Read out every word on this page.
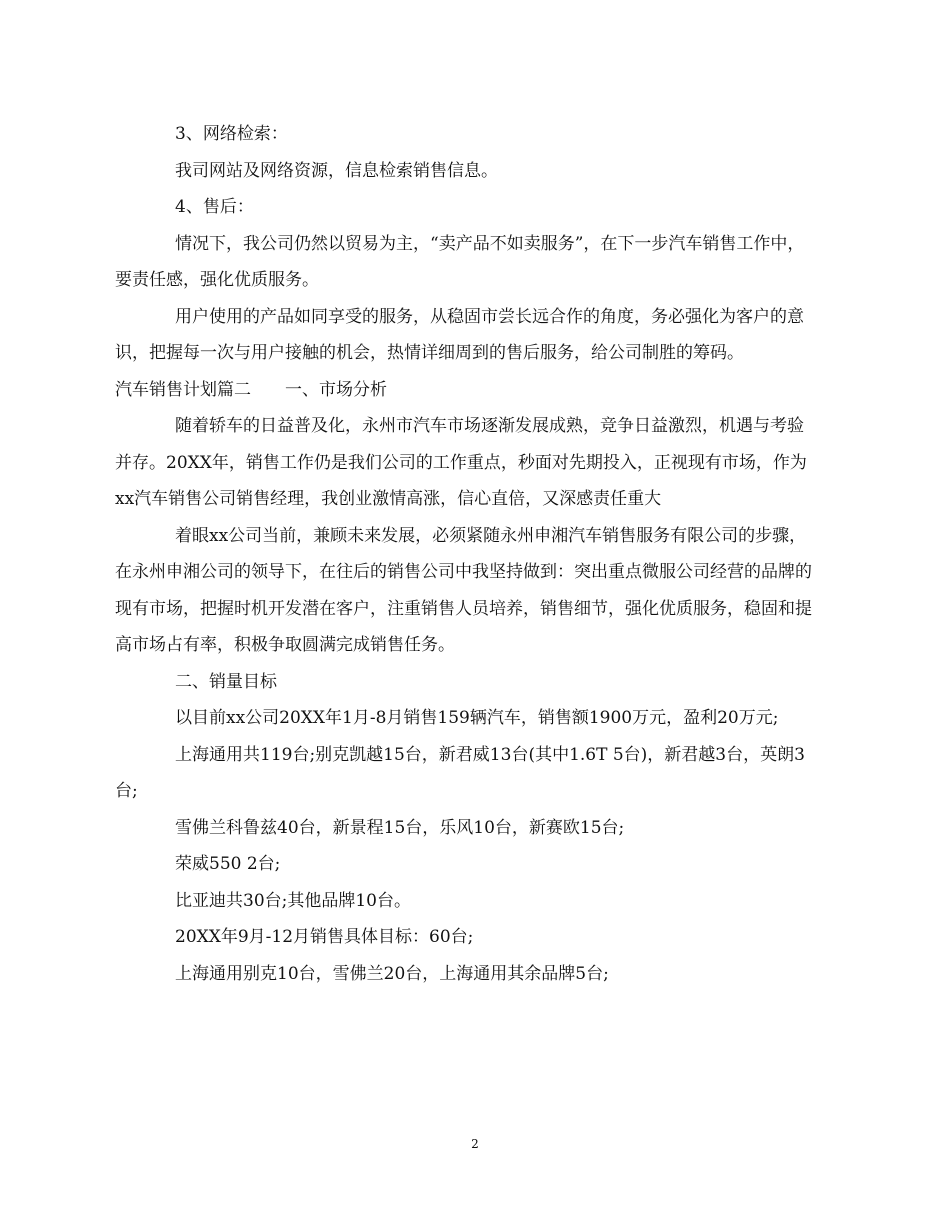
3、网络检索：

我司网站及网络资源，信息检索销售信息。

4、售后：

情况下，我公司仍然以贸易为主，“卖产品不如卖服务”，在下一步汽车销售工作中，要责任感，强化优质服务。

用户使用的产品如同享受的服务，从稳固市尝长远合作的角度，务必强化为客户的意识，把握每一次与用户接触的机会，热情详细周到的售后服务，给公司制胜的筹码。

汽车销售计划篇二　　一、市场分析

随着轿车的日益普及化，永州市汽车市场逐渐发展成熟，竞争日益激烈，机遇与考验并存。20XX年，销售工作仍是我们公司的工作重点，秒面对先期投入，正视现有市场，作为xx汽车销售公司销售经理，我创业激情高涨，信心直倍，又深感责任重大

着眼xx公司当前，兼顾未来发展，必须紧随永州申湘汽车销售服务有限公司的步骤，在永州申湘公司的领导下，在往后的销售公司中我坚持做到：突出重点微服公司经营的品牌的现有市场，把握时机开发潜在客户，注重销售人员培养，销售细节，强化优质服务，稳固和提高市场占有率，积极争取圆满完成销售任务。

二、销量目标

以目前xx公司20XX年1月-8月销售159辆汽车，销售额1900万元，盈利20万元;

上海通用共119台;别克凯越15台，新君威13台(其中1.6T 5台)，新君越3台，英朗3台;

雪佛兰科鲁兹40台，新景程15台，乐风10台，新赛欧15台;

荣威550 2台;

比亚迪共30台;其他品牌10台。

20XX年9月-12月销售具体目标：60台;

上海通用别克10台，雪佛兰20台，上海通用其余品牌5台;

2
